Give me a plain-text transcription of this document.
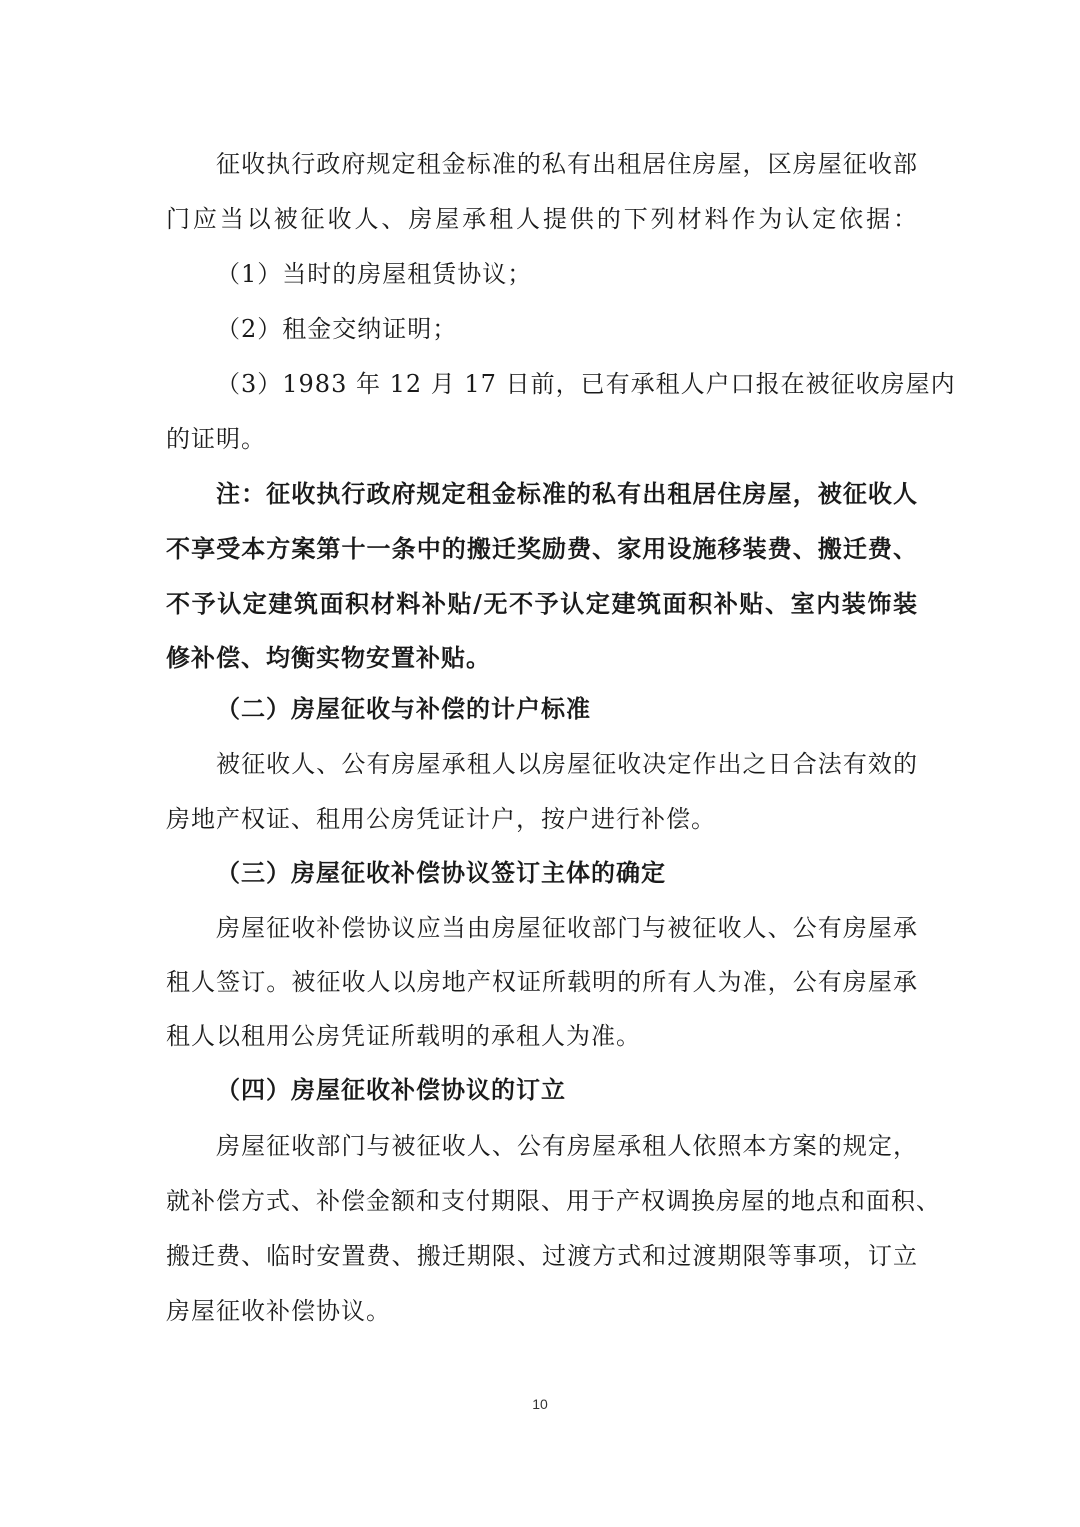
征收执行政府规定租金标准的私有出租居住房屋，区房屋征收部
门应当以被征收人、房屋承租人提供的下列材料作为认定依据：
（1）当时的房屋租赁协议；
（2）租金交纳证明；
（3）1983 年 12 月 17 日前，已有承租人户口报在被征收房屋内
的证明。
注：征收执行政府规定租金标准的私有出租居住房屋，被征收人
不享受本方案第十一条中的搬迁奖励费、家用设施移装费、搬迁费、
不予认定建筑面积材料补贴/无不予认定建筑面积补贴、室内装饰装
修补偿、均衡实物安置补贴。
（二）房屋征收与补偿的计户标准
被征收人、公有房屋承租人以房屋征收决定作出之日合法有效的
房地产权证、租用公房凭证计户，按户进行补偿。
（三）房屋征收补偿协议签订主体的确定
房屋征收补偿协议应当由房屋征收部门与被征收人、公有房屋承
租人签订。被征收人以房地产权证所载明的所有人为准，公有房屋承
租人以租用公房凭证所载明的承租人为准。
（四）房屋征收补偿协议的订立
房屋征收部门与被征收人、公有房屋承租人依照本方案的规定，
就补偿方式、补偿金额和支付期限、用于产权调换房屋的地点和面积、
搬迁费、临时安置费、搬迁期限、过渡方式和过渡期限等事项，订立
房屋征收补偿协议。
10
